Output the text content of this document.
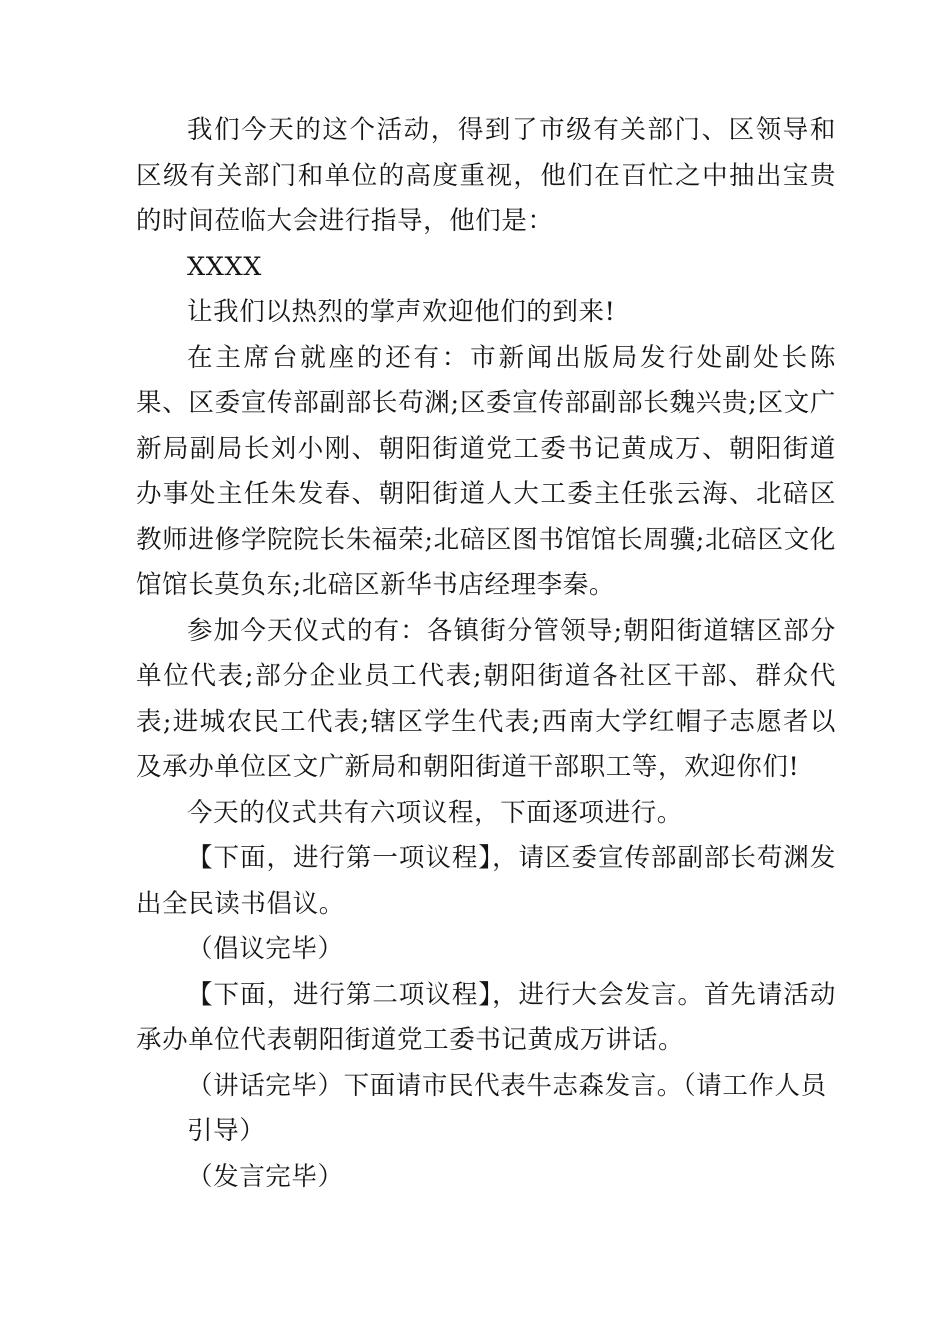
我们今天的这个活动，得到了市级有关部门、区领导和区级有关部门和单位的高度重视，他们在百忙之中抽出宝贵的时间莅临大会进行指导，他们是：

XXXX

让我们以热烈的掌声欢迎他们的到来!

在主席台就座的还有：市新闻出版局发行处副处长陈果、区委宣传部副部长苟渊;区委宣传部副部长魏兴贵;区文广新局副局长刘小刚、朝阳街道党工委书记黄成万、朝阳街道办事处主任朱发春、朝阳街道人大工委主任张云海、北碚区教师进修学院院长朱福荣;北碚区图书馆馆长周骥;北碚区文化馆馆长莫负东;北碚区新华书店经理李秦。

参加今天仪式的有：各镇街分管领导;朝阳街道辖区部分单位代表;部分企业员工代表;朝阳街道各社区干部、群众代表;进城农民工代表;辖区学生代表;西南大学红帽子志愿者以及承办单位区文广新局和朝阳街道干部职工等，欢迎你们!

今天的仪式共有六项议程，下面逐项进行。

【下面，进行第一项议程】，请区委宣传部副部长苟渊发出全民读书倡议。

（倡议完毕）

【下面，进行第二项议程】，进行大会发言。首先请活动承办单位代表朝阳街道党工委书记黄成万讲话。

（讲话完毕）下面请市民代表牛志森发言。（请工作人员

引导）

（发言完毕）
